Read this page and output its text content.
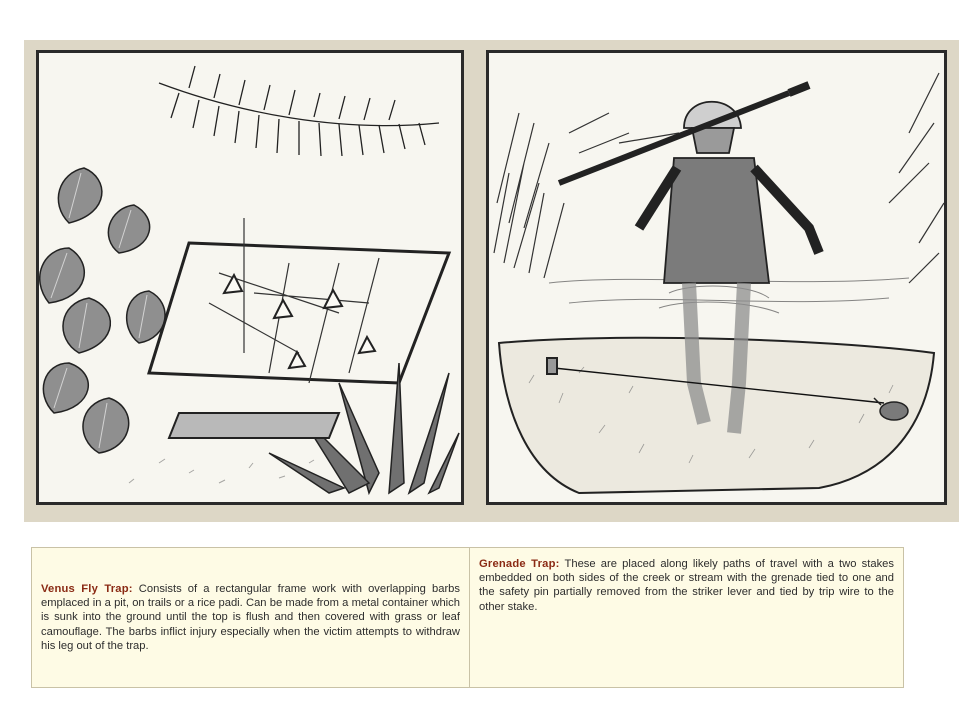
Venus Fly Trap: Consists of a rectangular frame work with overlapping barbs emplaced in a pit, on trails or a rice padi. Can be made from a metal container which is sunk into the ground until the top is flush and then covered with grass or leaf camouflage. The barbs inflict injury especially when the victim attempts to withdraw his leg out of the trap.
Grenade Trap: These are placed along likely paths of travel with a two stakes embedded on both sides of the creek or stream with the grenade tied to one and the safety pin partially removed from the striker lever and tied by trip wire to the other stake.
